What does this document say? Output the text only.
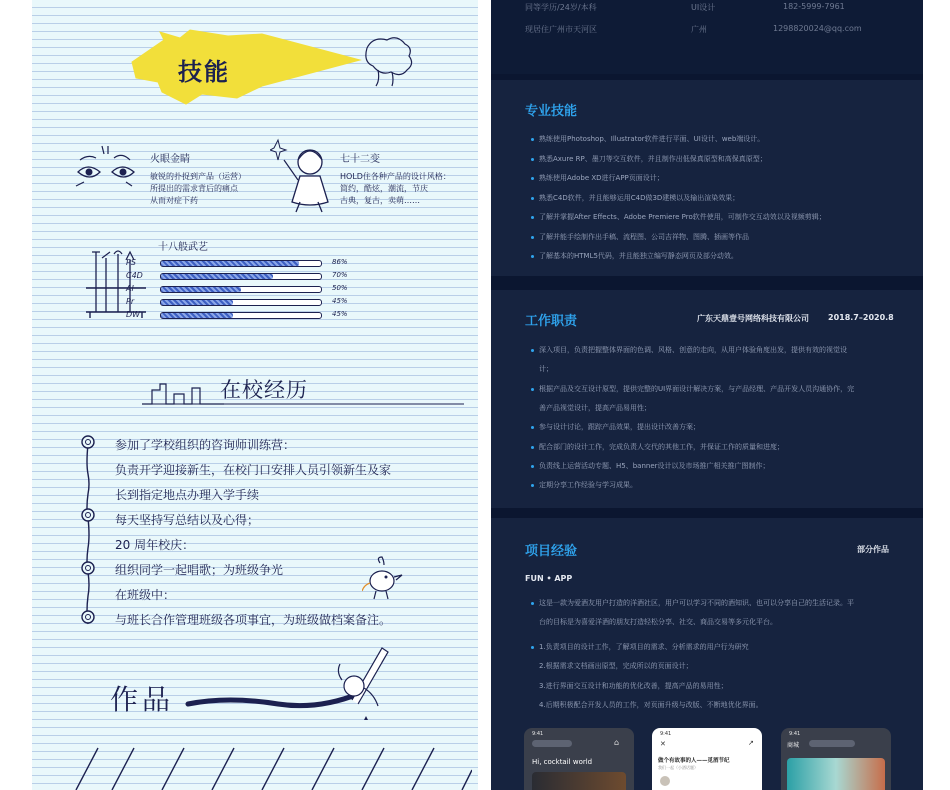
技能
火眼金睛
敏锐的扑捉到产品（运营）
所提出的需求背后的痛点
从而对症下药
七十二变
HOLD住各种产品的设计风格：
简约，酷炫，潮流，节庆
古典，复古，卖萌……
十八般武艺
PS	86%
C4D	70%
AI	50%
Pr	45%
DW	45%
在校经历
参加了学校组织的咨询师训练营：
负责开学迎接新生，在校门口安排人员引领新生及家
长到指定地点办理入学手续
每天坚持写总结以及心得；
20 周年校庆：
组织同学一起唱歌；为班级争光
在班级中：
与班长合作管理班级各项事宜，为班级做档案备注。
作品
同等学历/24岁/本科	UI设计	182-5999-7961
现居住广州市天河区	广州	1298820024@qq.com
专业技能
熟练使用Photoshop、Illustrator软件进行平面、UI设计、web端设计。
熟悉Axure RP、墨刀等交互软件，并且制作出低保真原型和高保真原型；
熟练使用Adobe XD进行APP页面设计；
熟悉C4D软件，并且能够运用C4D做3D建模以及输出渲染效果；
了解并掌握After Effects、Adobe Premiere Pro软件使用，可制作交互动效以及视频剪辑；
了解并能手绘制作出手稿、流程图、公司吉祥物、图腾、插画等作品
了解基本的HTML5代码，并且能独立编写静态网页及部分动效。
工作职责	广东天鼎壹号网络科技有限公司 2018.7–2020.8
深入项目，负责把握整体界面的色调、风格、创意的走向，从用户体验角度出发，提供有效的视觉设
计；
根据产品及交互设计原型，提供完整的UI界面设计解决方案，与产品经理、产品开发人员沟通协作，完
善产品视觉设计，提高产品易用性；
参与设计讨论，跟踪产品效果，提出设计改善方案；
配合部门的设计工作，完成负责人交代的其他工作，并保证工作的质量和进度；
负责线上运营活动专题、H5、banner设计以及市场推广相关推广图制作；
定期分享工作经验与学习成果。
项目经验	部分作品
FUN • APP
这是一款为爱酒友用户打造的洋酒社区，用户可以学习不同的酒知识、也可以分享自己的生活记录。平
台的目标是为喜爱洋酒的朋友打造轻松分享、社交、商品交易等多元化平台。
1.负责项目的设计工作，了解项目的需求、分析需求的用户行为研究
2.根据需求文档画出原型，完成所以的页面设计；
3.进行界面交互设计和功能的优化改善，提高产品的易用性；
4.后期积极配合开发人员的工作，对页面升级与改版、不断地优化界面。
9:41
⌂
Hi, cocktail world
9:41
✕	↗
做个有故事的人——觅酒节纪
我们一起（小酒话题）
9:41
商城
